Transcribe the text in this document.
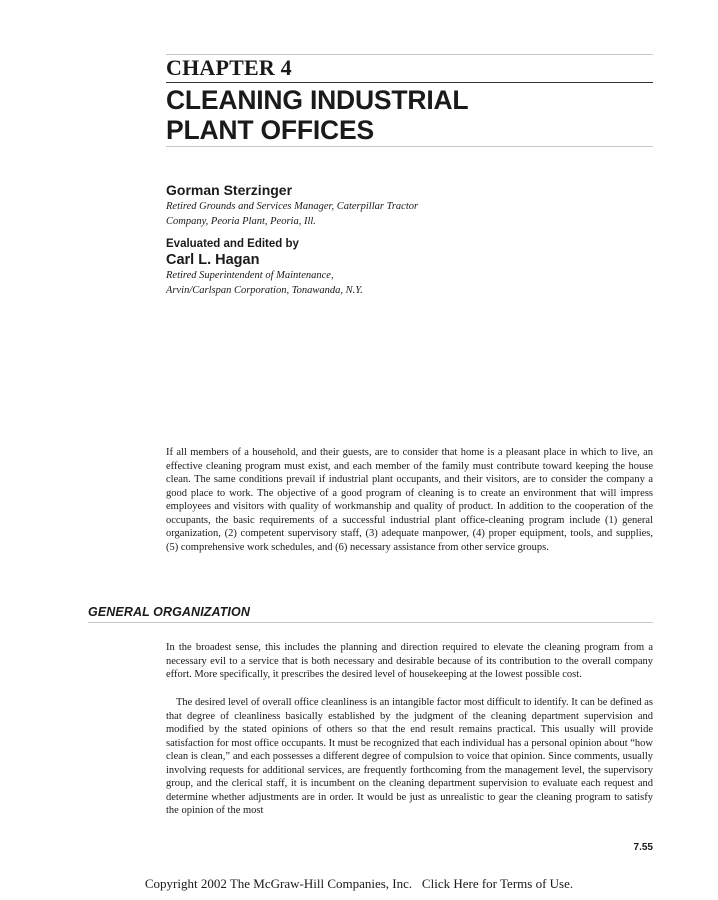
CHAPTER 4
CLEANING INDUSTRIAL
PLANT OFFICES
Gorman Sterzinger
Retired Grounds and Services Manager, Caterpillar Tractor
Company, Peoria Plant, Peoria, Ill.
Evaluated and Edited by
Carl L. Hagan
Retired Superintendent of Maintenance,
Arvin/Carlspan Corporation, Tonawanda, N.Y.

If all members of a household, and their guests, are to consider that home is a pleasant place in which to live, an effective cleaning program must exist, and each member of the family must contribute toward keeping the house clean. The same conditions prevail if industrial plant occupants, and their visitors, are to consider the company a good place to work. The objective of a good program of cleaning is to create an environment that will impress employees and visitors with quality of workmanship and quality of product. In addition to the cooperation of the occupants, the basic requirements of a successful industrial plant office-cleaning program include (1) general organization, (2) competent supervisory staff, (3) adequate manpower, (4) proper equipment, tools, and supplies, (5) comprehensive work schedules, and (6) necessary assistance from other service groups.

GENERAL ORGANIZATION

In the broadest sense, this includes the planning and direction required to elevate the cleaning program from a necessary evil to a service that is both necessary and desirable because of its contribution to the overall company effort. More specifically, it prescribes the desired level of housekeeping at the lowest possible cost.

The desired level of overall office cleanliness is an intangible factor most difficult to identify. It can be defined as that degree of cleanliness basically established by the judgment of the cleaning department supervision and modified by the stated opinions of others so that the end result remains practical. This usually will provide satisfaction for most office occupants. It must be recognized that each individual has a personal opinion about “how clean is clean,” and each possesses a different degree of compulsion to voice that opinion. Since comments, usually involving requests for additional services, are frequently forthcoming from the management level, the supervisory group, and the clerical staff, it is incumbent on the cleaning department supervision to evaluate each request and determine whether adjustments are in order. It would be just as unrealistic to gear the cleaning program to satisfy the opinion of the most

7.55
Copyright 2002 The McGraw-Hill Companies, Inc. Click Here for Terms of Use.
